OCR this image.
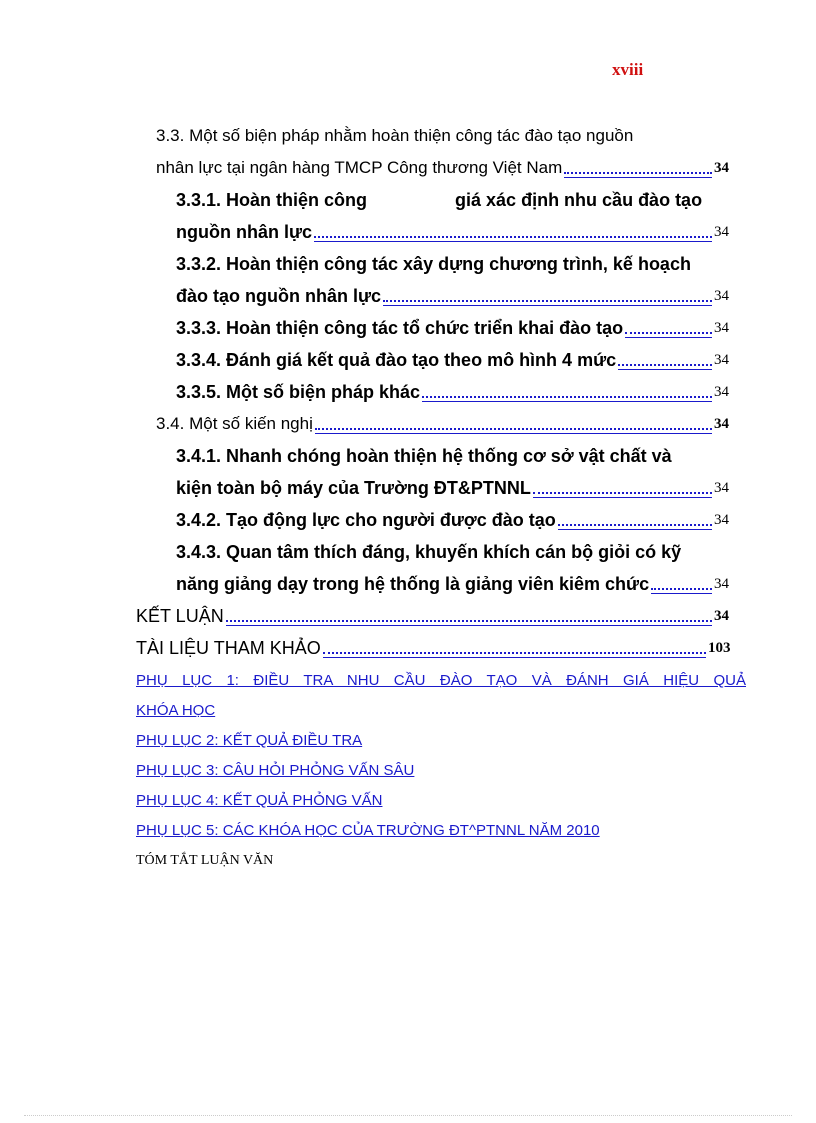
xviii
3.3. Một số biện pháp nhằm hoàn thiện công tác đào tạo nguồn
nhân lực tại ngân hàng TMCP Công thương Việt Nam	34
3.3.1. Hoàn thiện công	giá xác định nhu cầu đào tạo
nguồn nhân lực	34
3.3.2. Hoàn thiện công tác xây dựng chương trình, kế hoạch
đào tạo nguồn nhân lực	34
3.3.3. Hoàn thiện công tác tổ chức triển khai đào tạo	34
3.3.4. Đánh giá kết quả đào tạo theo mô hình 4 mức	34
3.3.5. Một số biện pháp khác	34
3.4. Một số kiến nghị	34
3.4.1. Nhanh chóng hoàn thiện hệ thống cơ sở vật chất và
kiện toàn bộ máy của Trường ĐT&PTNNL	34
3.4.2. Tạo động lực cho người được đào tạo	34
3.4.3. Quan tâm thích đáng, khuyến khích cán bộ giỏi có kỹ
năng giảng dạy trong hệ thống là giảng viên kiêm chức	34
KẾT LUẬN	34
TÀI LIỆU THAM KHẢO	103
PHỤ LỤC 1: ĐIỀU TRA NHU CẦU ĐÀO TẠO VÀ ĐÁNH GIÁ HIỆU QUẢ
KHÓA HỌC
PHỤ LỤC 2: KẾT QUẢ ĐIỀU TRA
PHỤ LỤC 3: CÂU HỎI PHỎNG VẤN SÂU
PHỤ LỤC 4: KẾT QUẢ PHỎNG VẤN
PHỤ LỤC 5: CÁC KHÓA HỌC CỦA TRƯỜNG ĐT^PTNNL NĂM 2010
TÓM TẮT LUẬN VĂN
